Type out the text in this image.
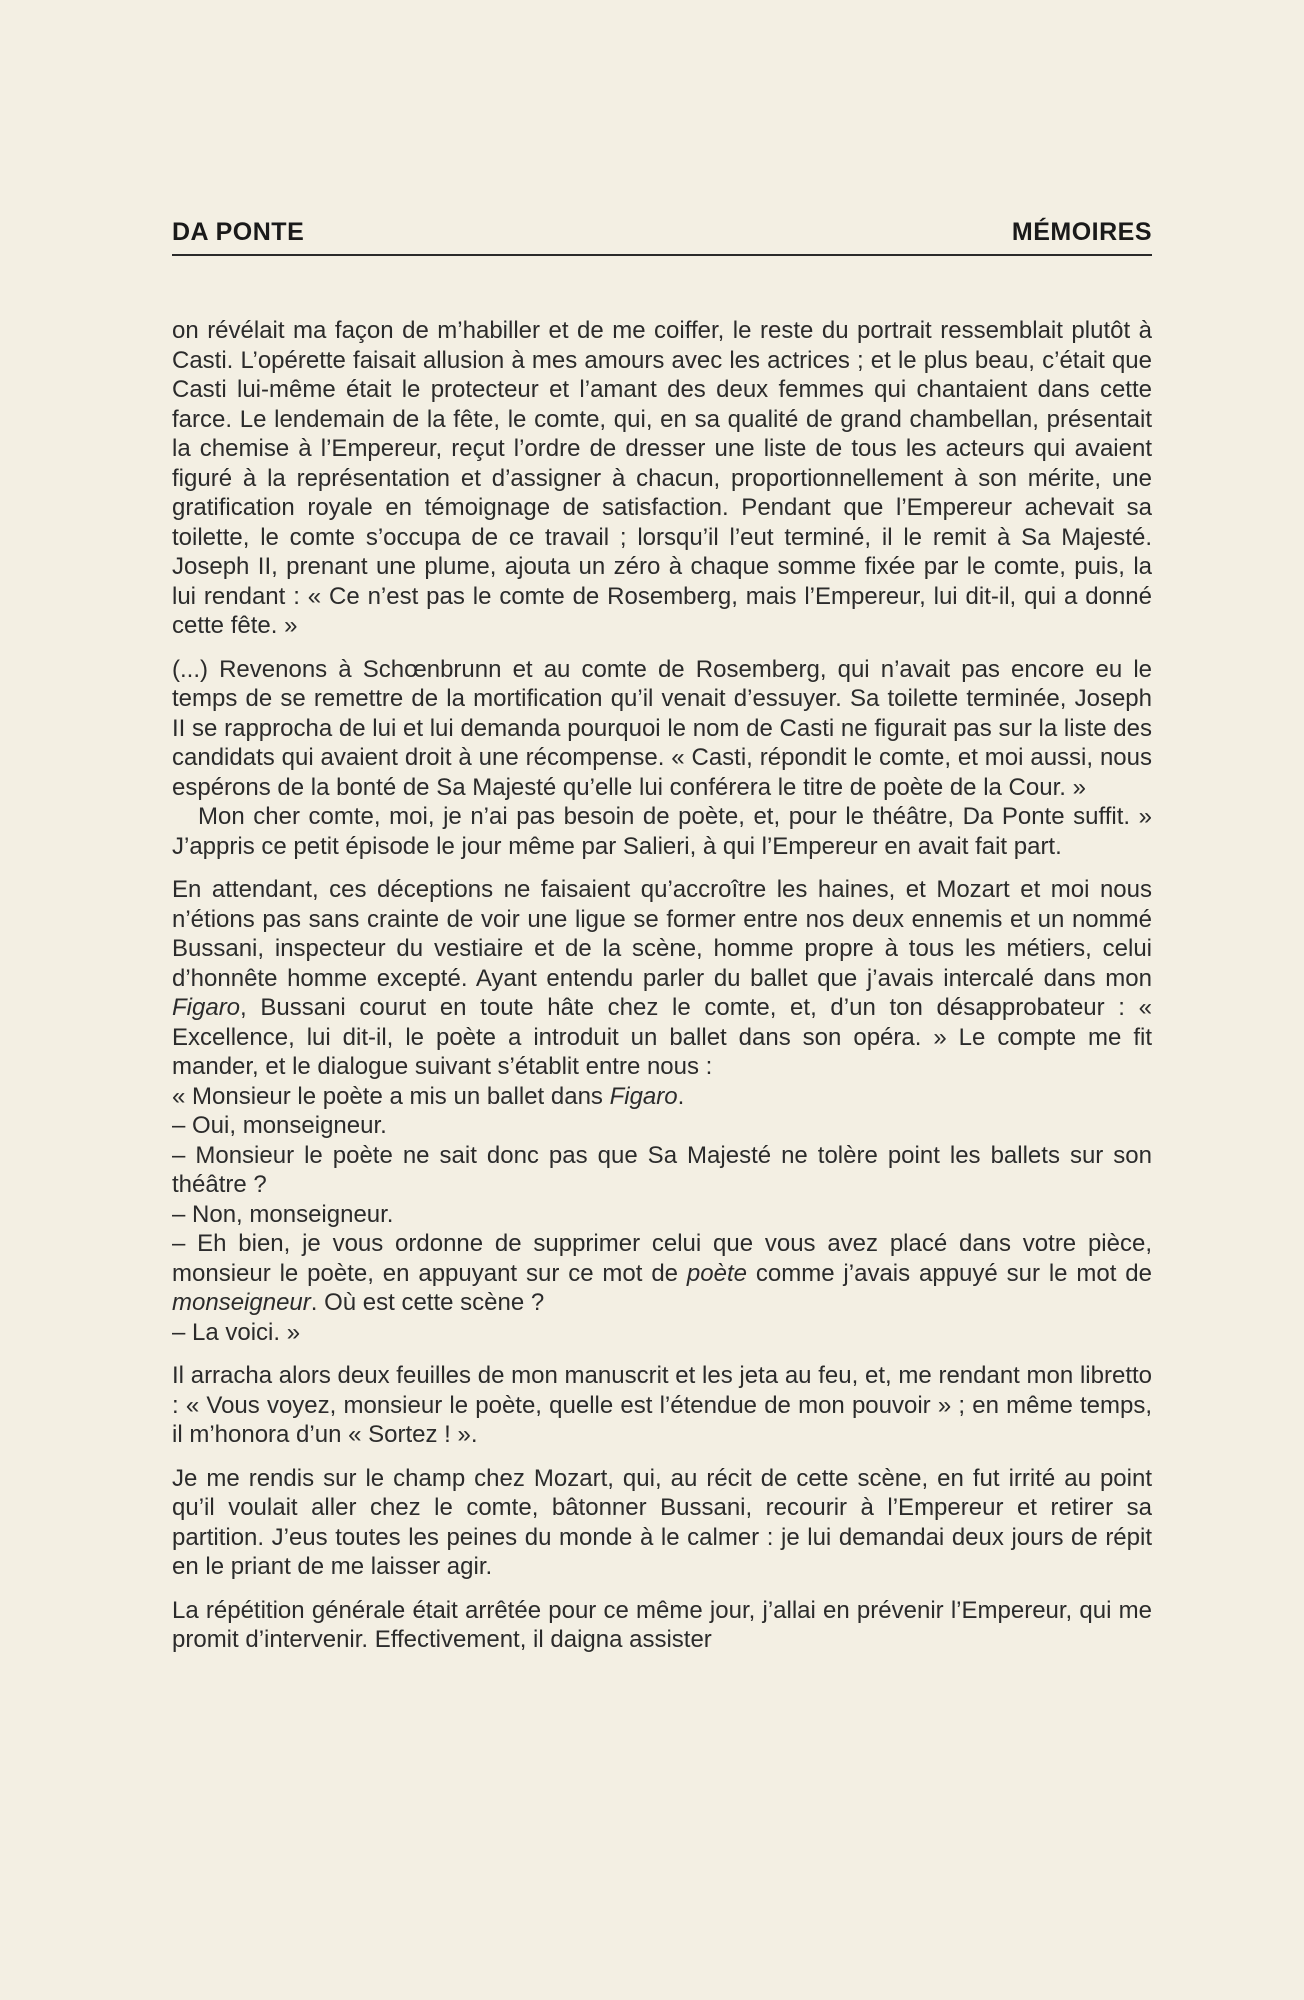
DA PONTE	MÉMOIRES

on révélait ma façon de m’habiller et de me coiffer, le reste du portrait ressemblait plutôt à Casti. L’opérette faisait allusion à mes amours avec les actrices ; et le plus beau, c’était que Casti lui-même était le protecteur et l’amant des deux femmes qui chantaient dans cette farce. Le lendemain de la fête, le comte, qui, en sa qualité de grand chambellan, présentait la chemise à l’Empereur, reçut l’ordre de dresser une liste de tous les acteurs qui avaient figuré à la représentation et d’assigner à chacun, proportionnellement à son mérite, une gratification royale en témoignage de satisfaction. Pendant que l’Empereur achevait sa toilette, le comte s’occupa de ce travail ; lorsqu’il l’eut terminé, il le remit à Sa Majesté. Joseph II, prenant une plume, ajouta un zéro à chaque somme fixée par le comte, puis, la lui rendant : « Ce n’est pas le comte de Rosemberg, mais l’Empereur, lui dit-il, qui a donné cette fête. »

(...) Revenons à Schœnbrunn et au comte de Rosemberg, qui n’avait pas encore eu le temps de se remettre de la mortification qu’il venait d’essuyer. Sa toilette terminée, Joseph II se rapprocha de lui et lui demanda pourquoi le nom de Casti ne figurait pas sur la liste des candidats qui avaient droit à une récompense. « Casti, répondit le comte, et moi aussi, nous espérons de la bonté de Sa Majesté qu’elle lui conférera le titre de poète de la Cour. »

Mon cher comte, moi, je n’ai pas besoin de poète, et, pour le théâtre, Da Ponte suffit. » J’appris ce petit épisode le jour même par Salieri, à qui l’Empereur en avait fait part.

En attendant, ces déceptions ne faisaient qu’accroître les haines, et Mozart et moi nous n’étions pas sans crainte de voir une ligue se former entre nos deux ennemis et un nommé Bussani, inspecteur du vestiaire et de la scène, homme propre à tous les métiers, celui d’honnête homme excepté. Ayant entendu parler du ballet que j’avais intercalé dans mon Figaro, Bussani courut en toute hâte chez le comte, et, d’un ton désapprobateur : « Excellence, lui dit-il, le poète a introduit un ballet dans son opéra. » Le compte me fit mander, et le dialogue suivant s’établit entre nous :

« Monsieur le poète a mis un ballet dans Figaro.

– Oui, monseigneur.

– Monsieur le poète ne sait donc pas que Sa Majesté ne tolère point les ballets sur son théâtre ?

– Non, monseigneur.

– Eh bien, je vous ordonne de supprimer celui que vous avez placé dans votre pièce, monsieur le poète, en appuyant sur ce mot de poète comme j’avais appuyé sur le mot de monseigneur. Où est cette scène ?

– La voici. »

Il arracha alors deux feuilles de mon manuscrit et les jeta au feu, et, me rendant mon libretto : « Vous voyez, monsieur le poète, quelle est l’étendue de mon pouvoir » ; en même temps, il m’honora d’un « Sortez ! ».

Je me rendis sur le champ chez Mozart, qui, au récit de cette scène, en fut irrité au point qu’il voulait aller chez le comte, bâtonner Bussani, recourir à l’Empereur et retirer sa partition. J’eus toutes les peines du monde à le calmer : je lui demandai deux jours de répit en le priant de me laisser agir.

La répétition générale était arrêtée pour ce même jour, j’allai en prévenir l’Empereur, qui me promit d’intervenir. Effectivement, il daigna assister
